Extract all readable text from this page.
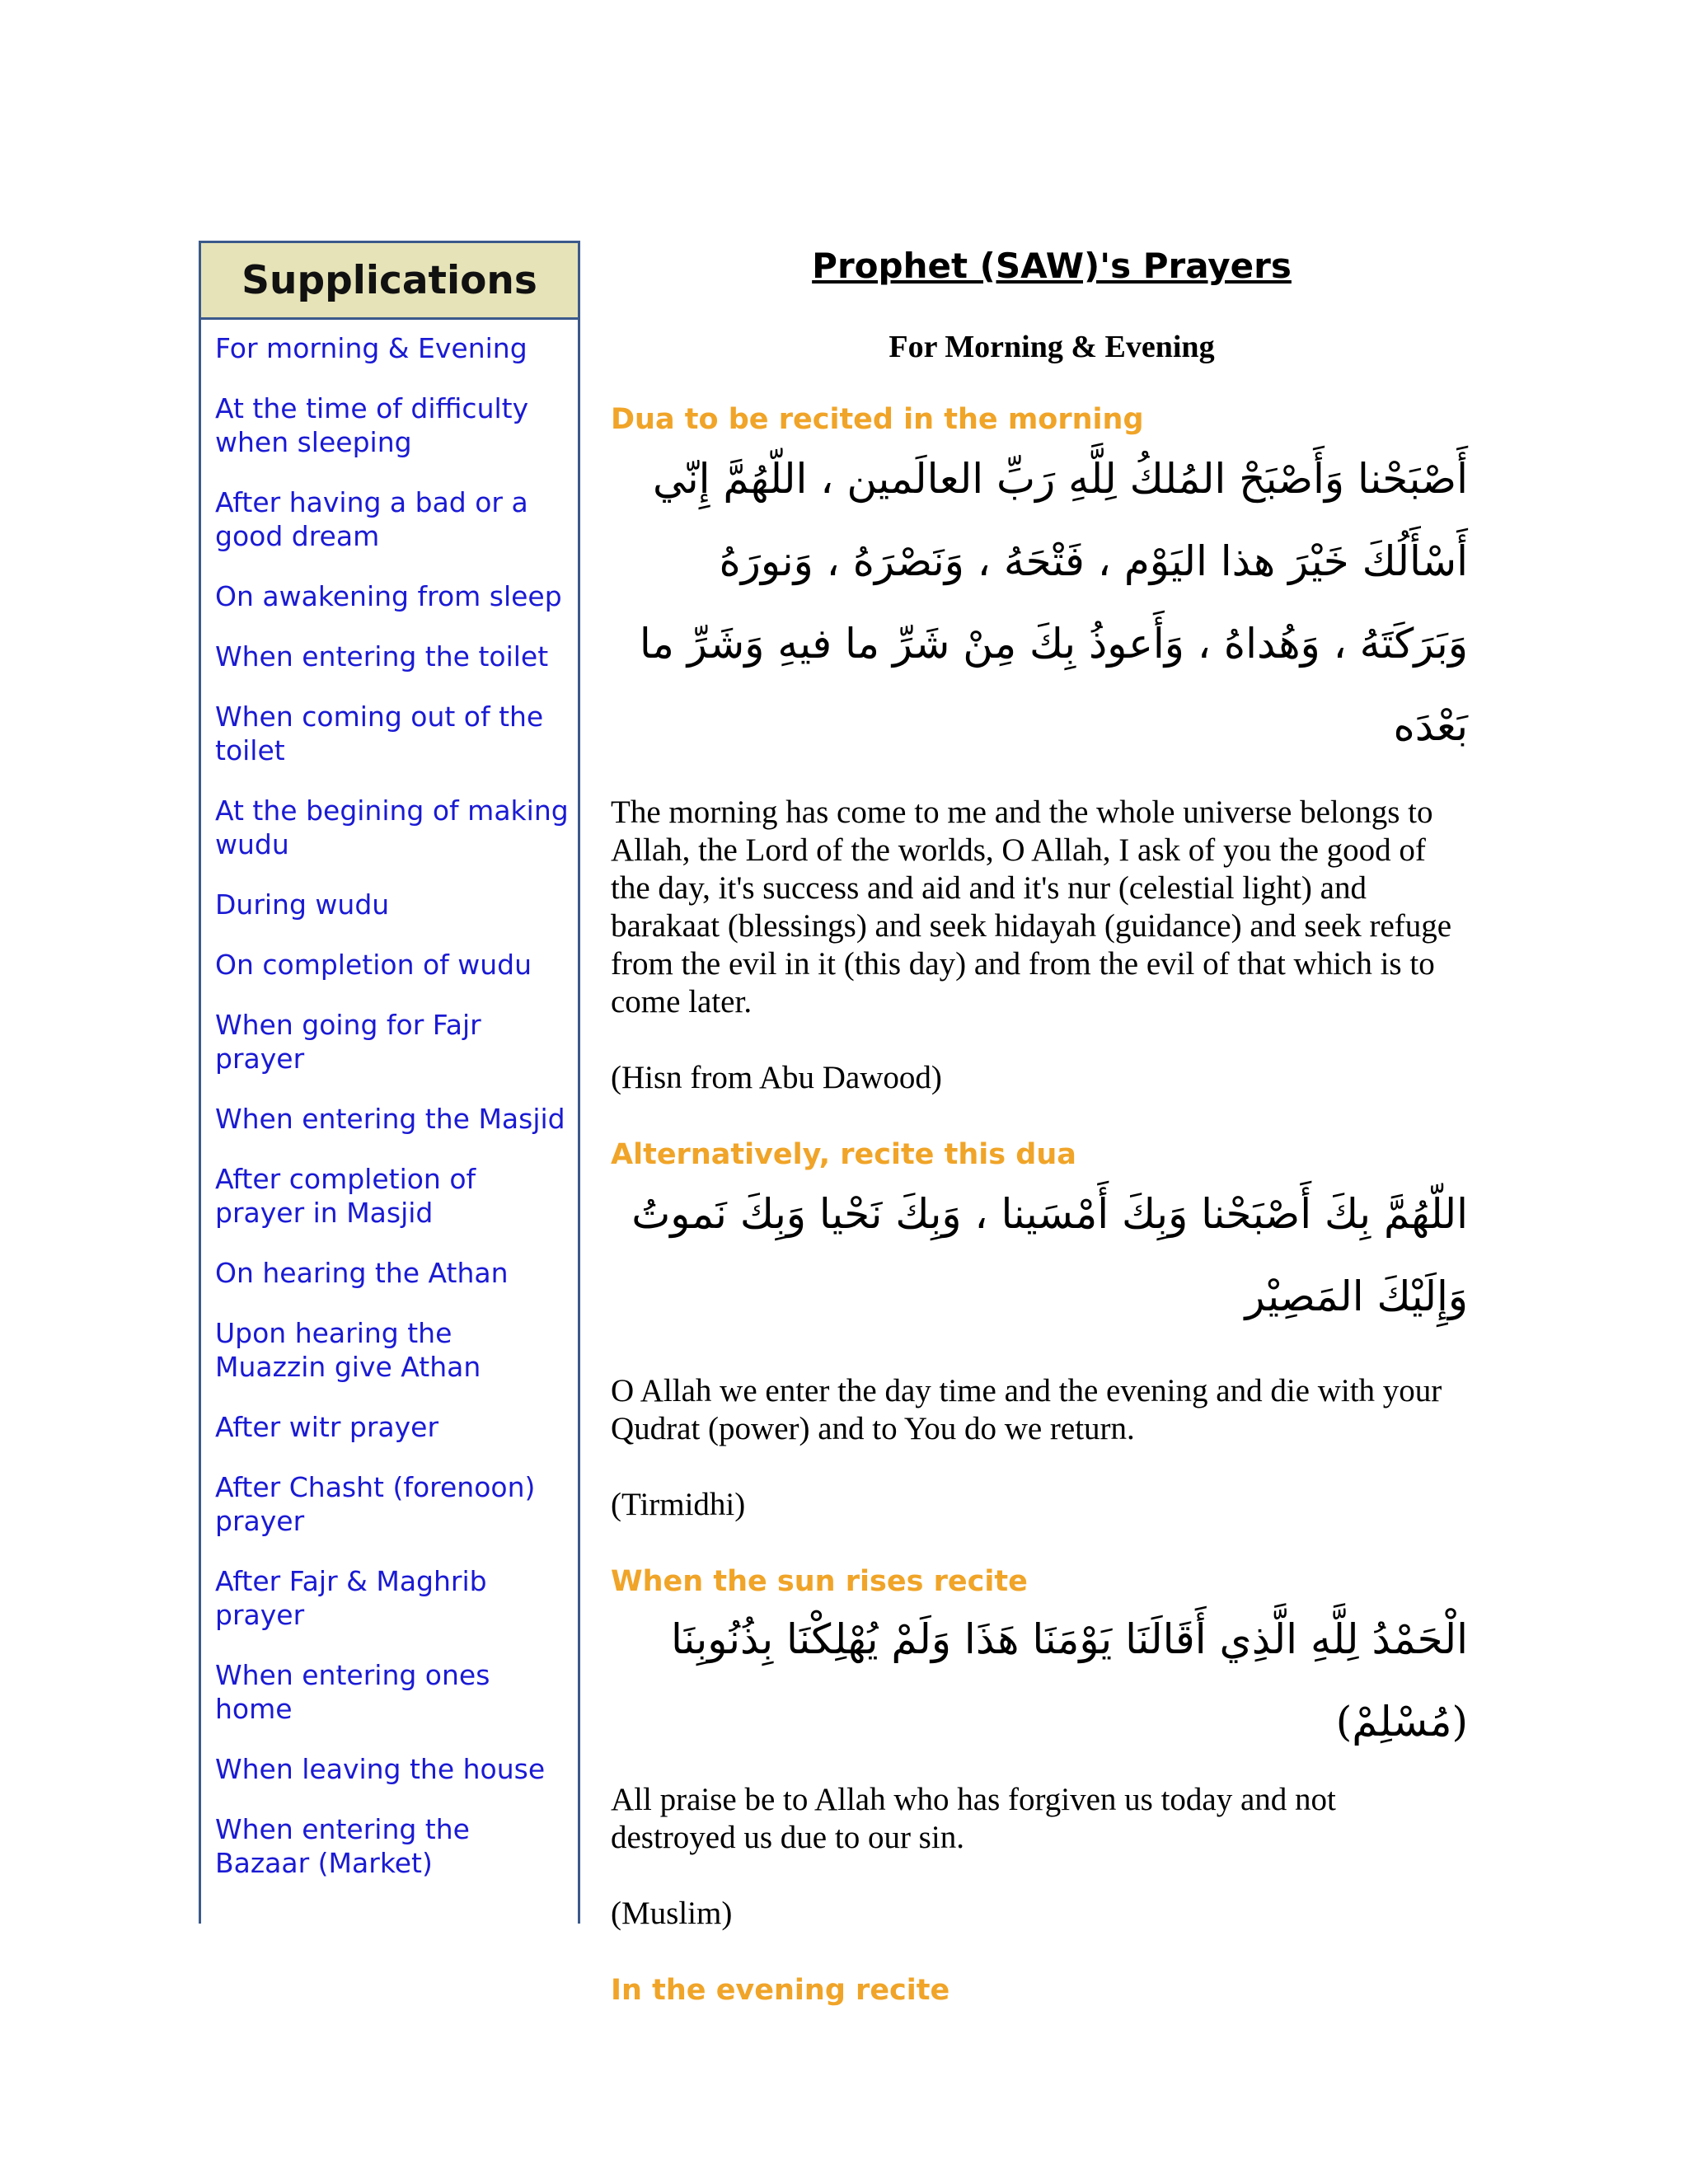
Supplications
For morning & Evening
At the time of difficulty when sleeping
After having a bad or a good dream
On awakening from sleep
When entering the toilet
When coming out of the toilet
At the begining of making wudu
During wudu
On completion of wudu
When going for Fajr prayer
When entering the Masjid
After completion of prayer in Masjid
On hearing the Athan
Upon hearing the Muazzin give Athan
After witr prayer
After Chasht (forenoon) prayer
After Fajr & Maghrib prayer
When entering ones home
When leaving the house
When entering the Bazaar (Market)
Prophet (SAW)'s Prayers
For Morning & Evening
Dua to be recited in the morning

أَصْبَحْنا وَأَصْبَحْ المُلكُ لِلَّهِ رَبِّ العالَمين ، اللّهُمَّ إِنّي أَسْأَلُكَ خَيْرَ هذا اليَوْم ، فَتْحَهُ ، وَنَصْرَهُ ، وَنورَهُ وَبَرَكَتَهُ ، وَهُداهُ ، وَأَعوذُ بِكَ مِنْ شَرِّ ما فيهِ وَشَرِّ ما بَعْدَه

The morning has come to me and the whole universe belongs to Allah, the Lord of the worlds, O Allah, I ask of you the good of the day, it's success and aid and it's nur (celestial light) and barakaat (blessings) and seek hidayah (guidance) and seek refuge from the evil in it (this day) and from the evil of that which is to come later.

(Hisn from Abu Dawood)

Alternatively, recite this dua

اللّهُمَّ بِكَ أَصْبَحْنا وَبِكَ أَمْسَينا ، وَبِكَ نَحْيا وَبِكَ نَموتُ وَإِلَيْكَ المَصِيْر

O Allah we enter the day time and the evening and die with your Qudrat (power) and to You do we return.

(Tirmidhi)

When the sun rises recite

الْحَمْدُ لِلَّهِ الَّذِي أَقَالَنَا يَوْمَنَا هَذَا وَلَمْ يُهْلِكْنَا بِذُنُوبِنَا (مُسْلِمْ)

All praise be to Allah who has forgiven us today and not destroyed us due to our sin.

(Muslim)

In the evening recite
